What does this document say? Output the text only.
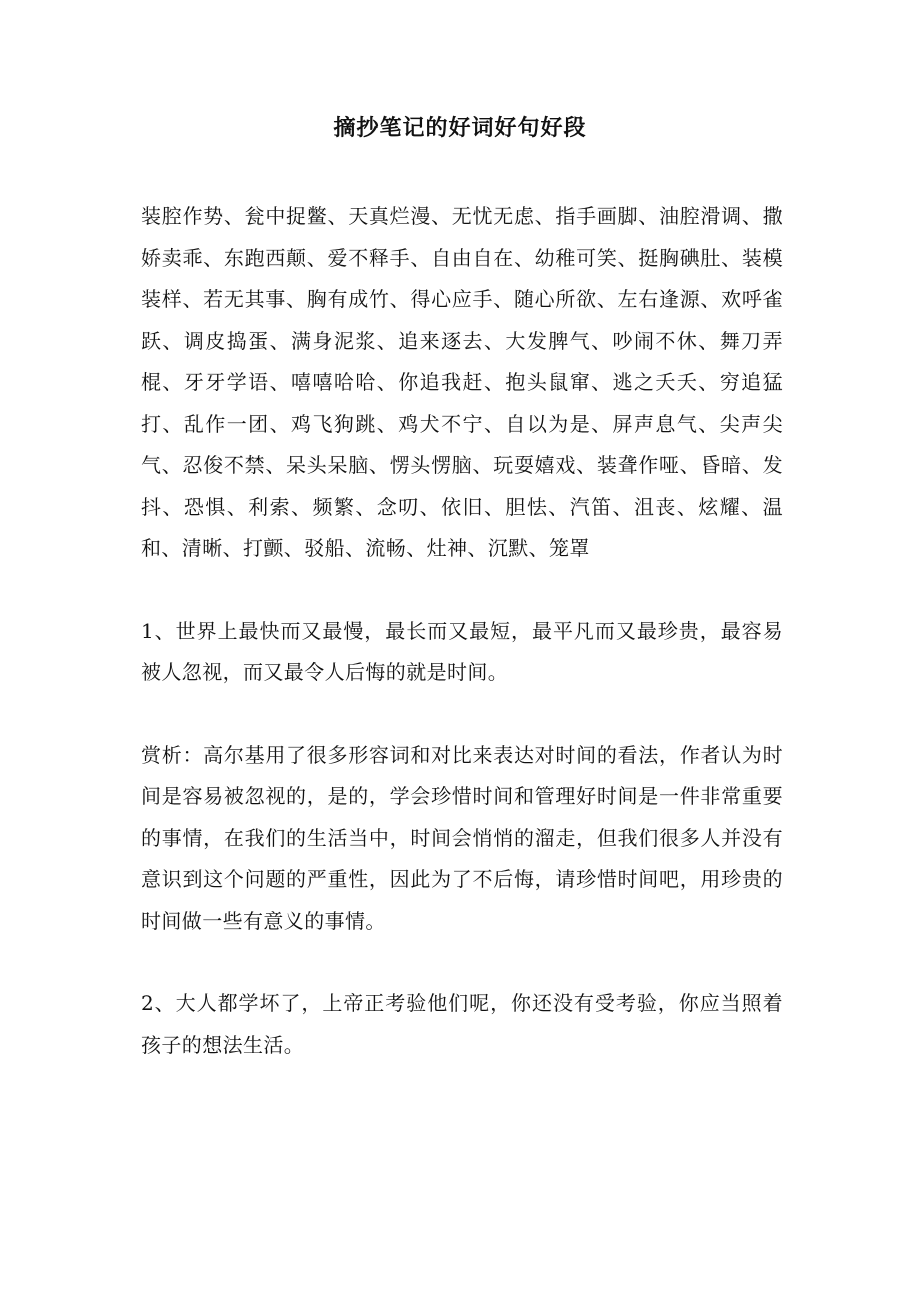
摘抄笔记的好词好句好段

装腔作势、瓮中捉鳖、天真烂漫、无忧无虑、指手画脚、油腔滑调、撒娇卖乖、东跑西颠、爱不释手、自由自在、幼稚可笑、挺胸碘肚、装模装样、若无其事、胸有成竹、得心应手、随心所欲、左右逢源、欢呼雀跃、调皮捣蛋、满身泥浆、追来逐去、大发脾气、吵闹不休、舞刀弄棍、牙牙学语、嘻嘻哈哈、你追我赶、抱头鼠窜、逃之夭夭、穷追猛打、乱作一团、鸡飞狗跳、鸡犬不宁、自以为是、屏声息气、尖声尖气、忍俊不禁、呆头呆脑、愣头愣脑、玩耍嬉戏、装聋作哑、昏暗、发抖、恐惧、利索、频繁、念叨、依旧、胆怯、汽笛、沮丧、炫耀、温和、清晰、打颤、驳船、流畅、灶神、沉默、笼罩

1、世界上最快而又最慢，最长而又最短，最平凡而又最珍贵，最容易被人忽视，而又最令人后悔的就是时间。

赏析：高尔基用了很多形容词和对比来表达对时间的看法，作者认为时间是容易被忽视的，是的，学会珍惜时间和管理好时间是一件非常重要的事情，在我们的生活当中，时间会悄悄的溜走，但我们很多人并没有意识到这个问题的严重性，因此为了不后悔，请珍惜时间吧，用珍贵的时间做一些有意义的事情。

2、大人都学坏了，上帝正考验他们呢，你还没有受考验，你应当照着孩子的想法生活。
